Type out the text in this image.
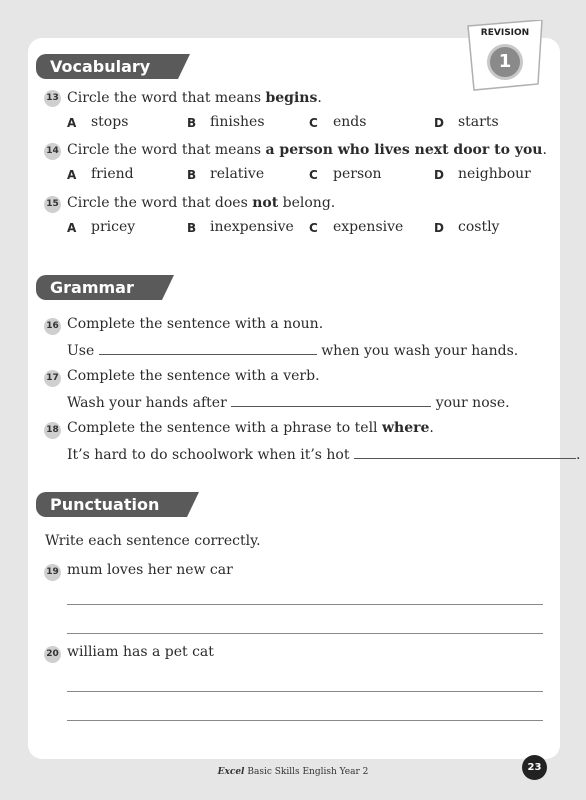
REVISION
1
Vocabulary
13 Circle the word that means begins.
A stops	B finishes	C ends	D starts
14 Circle the word that means a person who lives next door to you.
A friend	B relative	C person	D neighbour
15 Circle the word that does not belong.
A pricey	B inexpensive C expensive	D costly
Grammar
16 Complete the sentence with a noun.
Use	when you wash your hands.
17 Complete the sentence with a verb.
Wash your hands after	your nose.
18 Complete the sentence with a phrase to tell where.
It’s hard to do schoolwork when it’s hot	.
Punctuation
Write each sentence correctly.
19 mum loves her new car
20 william has a pet cat
Excel Basic Skills English Year 2	23
